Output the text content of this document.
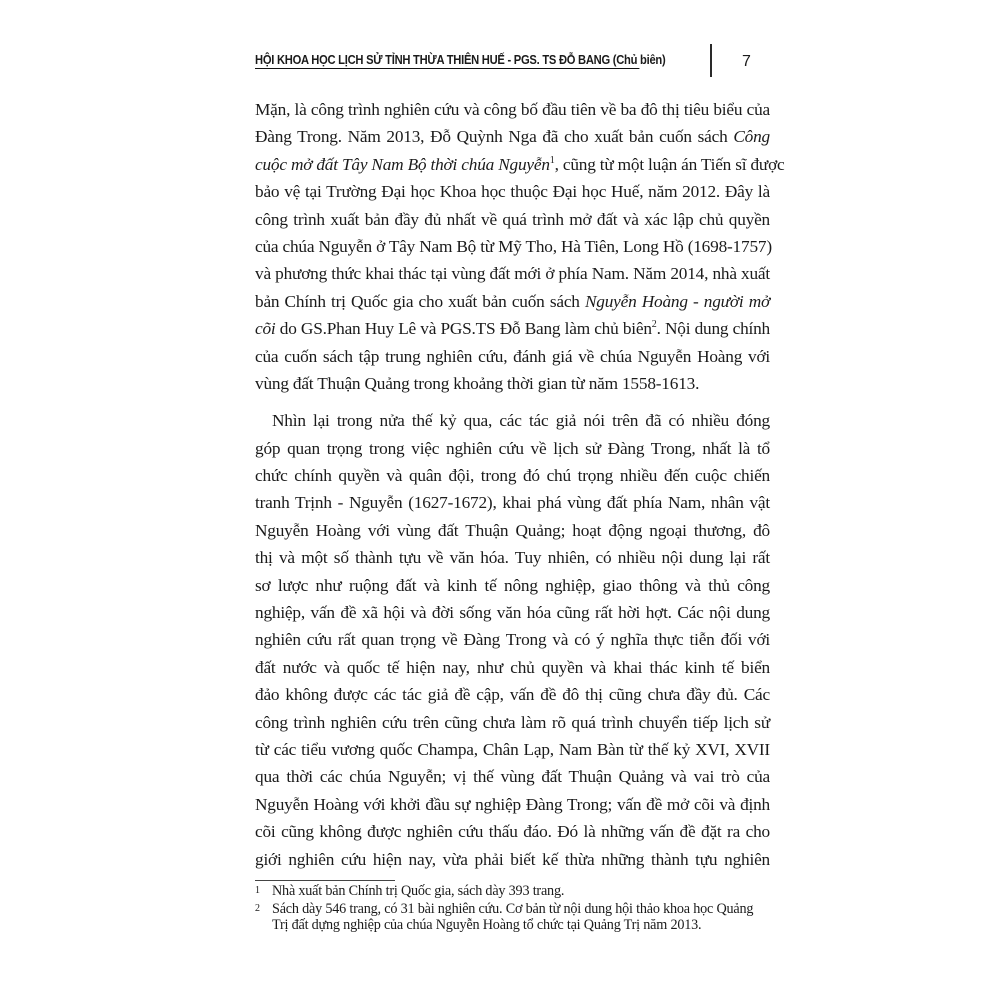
HỘI KHOA HỌC LỊCH SỬ TỈNH THỪA THIÊN HUẾ - PGS. TS ĐỖ BANG (Chủ biên)	7
Mặn, là công trình nghiên cứu và công bố đầu tiên về ba đô thị tiêu biểu của
Đàng Trong. Năm 2013, Đỗ Quỳnh Nga đã cho xuất bản cuốn sách Công
cuộc mở đất Tây Nam Bộ thời chúa Nguyễn$^1$, cũng từ một luận án Tiến sĩ được
bảo vệ tại Trường Đại học Khoa học thuộc Đại học Huế, năm 2012. Đây là
công trình xuất bản đầy đủ nhất về quá trình mở đất và xác lập chủ quyền
của chúa Nguyễn ở Tây Nam Bộ từ Mỹ Tho, Hà Tiên, Long Hồ (1698-1757)
và phương thức khai thác tại vùng đất mới ở phía Nam. Năm 2014, nhà xuất
bản Chính trị Quốc gia cho xuất bản cuốn sách Nguyễn Hoàng - người mở
cõi do GS.Phan Huy Lê và PGS.TS Đỗ Bang làm chủ biên$^2$. Nội dung chính
của cuốn sách tập trung nghiên cứu, đánh giá về chúa Nguyễn Hoàng với
vùng đất Thuận Quảng trong khoảng thời gian từ năm 1558-1613.
Nhìn lại trong nửa thế kỷ qua, các tác giả nói trên đã có nhiều đóng
góp quan trọng trong việc nghiên cứu về lịch sử Đàng Trong, nhất là tổ
chức chính quyền và quân đội, trong đó chú trọng nhiều đến cuộc chiến
tranh Trịnh - Nguyễn (1627-1672), khai phá vùng đất phía Nam, nhân vật
Nguyễn Hoàng với vùng đất Thuận Quảng; hoạt động ngoại thương, đô
thị và một số thành tựu về văn hóa. Tuy nhiên, có nhiều nội dung lại rất
sơ lược như ruộng đất và kinh tế nông nghiệp, giao thông và thủ công
nghiệp, vấn đề xã hội và đời sống văn hóa cũng rất hời hợt. Các nội dung
nghiên cứu rất quan trọng về Đàng Trong và có ý nghĩa thực tiễn đối với
đất nước và quốc tế hiện nay, như chủ quyền và khai thác kinh tế biển
đảo không được các tác giả đề cập, vấn đề đô thị cũng chưa đầy đủ. Các
công trình nghiên cứu trên cũng chưa làm rõ quá trình chuyển tiếp lịch sử
từ các tiểu vương quốc Champa, Chân Lạp, Nam Bàn từ thế kỷ XVI, XVII
qua thời các chúa Nguyễn; vị thế vùng đất Thuận Quảng và vai trò của
Nguyễn Hoàng với khởi đầu sự nghiệp Đàng Trong; vấn đề mở cõi và định
cõi cũng không được nghiên cứu thấu đáo. Đó là những vấn đề đặt ra cho
giới nghiên cứu hiện nay, vừa phải biết kế thừa những thành tựu nghiên
1 Nhà xuất bản Chính trị Quốc gia, sách dày 393 trang.
2 Sách dày 546 trang, có 31 bài nghiên cứu. Cơ bản từ nội dung hội thảo khoa học Quảng
Trị đất dựng nghiệp của chúa Nguyễn Hoàng tổ chức tại Quảng Trị năm 2013.
